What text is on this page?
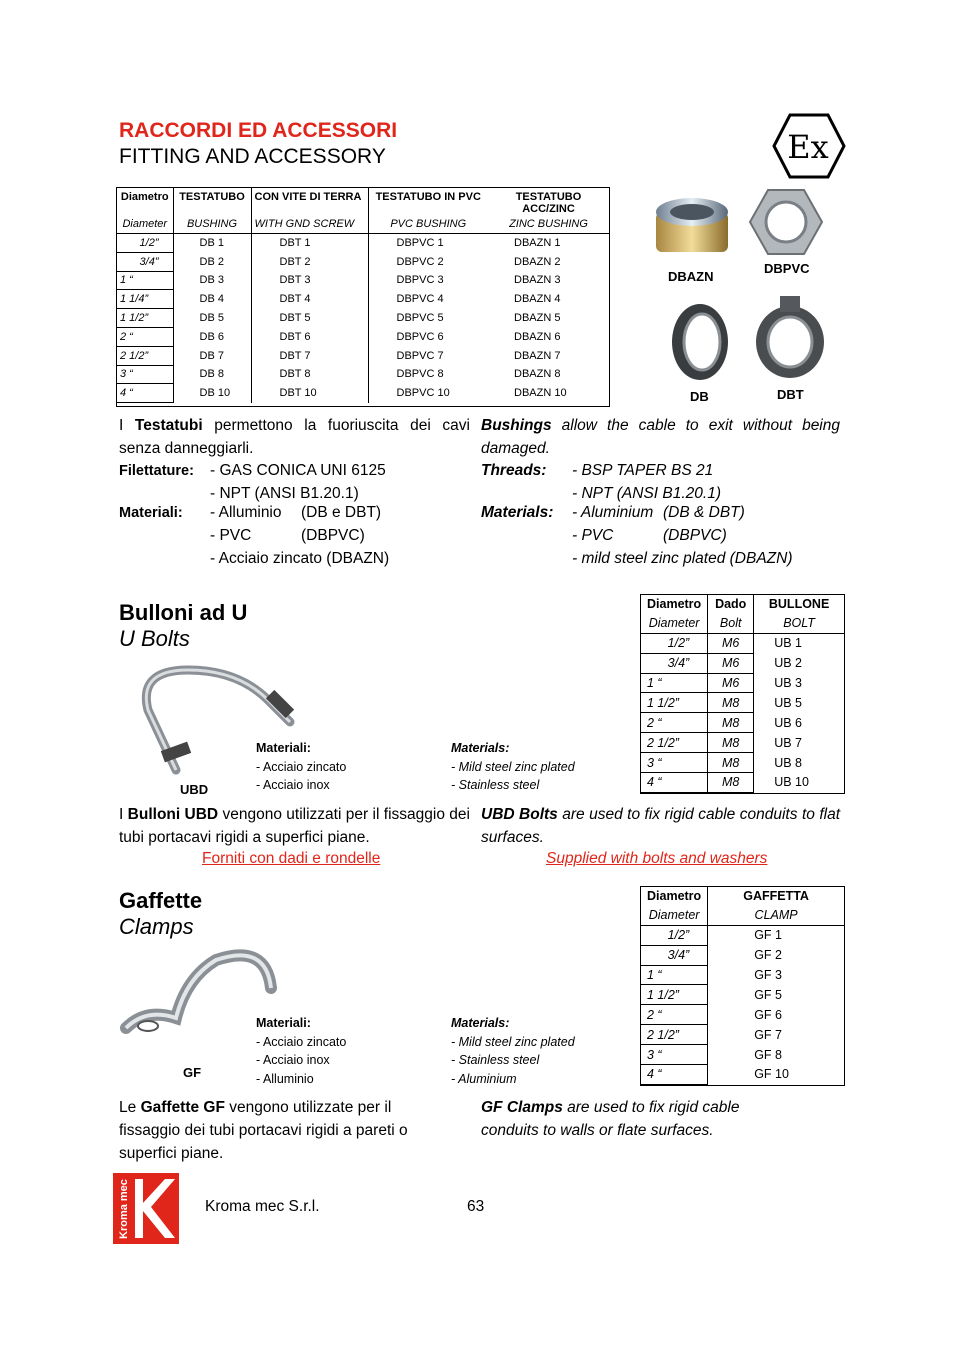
RACCORDI ED ACCESSORI
FITTING AND ACCESSORY	Ex
Diametro	TESTATUBO	CON VITE DI TERRA	TESTATUBO IN PVC	TESTATUBO ACC/ZINC
Diameter	BUSHING	WITH GND SCREW	PVC BUSHING	ZINC BUSHING
1/2”	DB 1	DBT 1	DBPVC 1	DBAZN 1
3/4”	DB 2	DBT 2	DBPVC 2	DBAZN 2
1 “	DB 3	DBT 3	DBPVC 3	DBAZN 3
1 1/4”	DB 4	DBT 4	DBPVC 4	DBAZN 4
1 1/2”	DB 5	DBT 5	DBPVC 5	DBAZN 5
2 “	DB 6	DBT 6	DBPVC 6	DBAZN 6
2 1/2”	DB 7	DBT 7	DBPVC 7	DBAZN 7
3 “	DB 8	DBT 8	DBPVC 8	DBAZN 8
4 “	DB 10	DBT 10	DBPVC 10	DBAZN 10
DBAZN
DBPVC
DB	DBT
I Testatubi permettono la fuoriuscita dei cavi senza danneggiarli.
Bushings allow the cable to exit without being damaged.
Filettature: - GAS CONICA UNI 6125
- NPT (ANSI B1.20.1)
Threads: - BSP TAPER BS 21
- NPT (ANSI B1.20.1)
Materiali: - Alluminio (DB e DBT)
- PVC	(DBPVC)
- Acciaio zincato (DBAZN)
Materials: - Aluminium (DB & DBT)
- PVC	(DBPVC)
- mild steel zinc plated (DBAZN)
Bulloni ad U
U Bolts
UBD
Materiali:
- Acciaio zincato
- Acciaio inox
Materials:
- Mild steel zinc plated
- Stainless steel
Diametro	Dado	BULLONE
Diameter	Bolt	BOLT
1/2”	M6	UB 1
3/4”	M6	UB 2
1 “	M6	UB 3
1 1/2”	M8	UB 5
2 “	M8	UB 6
2 1/2”	M8	UB 7
3 “	M8	UB 8
4 “	M8	UB 10
I Bulloni UBD vengono utilizzati per il fissaggio dei tubi portacavi rigidi a superfici piane.
UBD Bolts are used to fix rigid cable conduits to flat surfaces.
Forniti con dadi e rondelle	Supplied with bolts and washers
Gaffette
Clamps
GF
Materiali:
- Acciaio zincato
- Acciaio inox
- Alluminio
Materials:
- Mild steel zinc plated
- Stainless steel
- Aluminium
Diametro	GAFFETTA
Diameter	CLAMP
1/2”	GF 1
3/4”	GF 2
1 “	GF 3
1 1/2”	GF 5
2 “	GF 6
2 1/2”	GF 7
3 “	GF 8
4 “	GF 10
Le Gaffette GF vengono utilizzate per il fissaggio dei tubi portacavi rigidi a pareti o superfici piane.
GF Clamps are used to fix rigid cable conduits to walls or flate surfaces.
Kroma mec	Kroma mec S.r.l.	63
